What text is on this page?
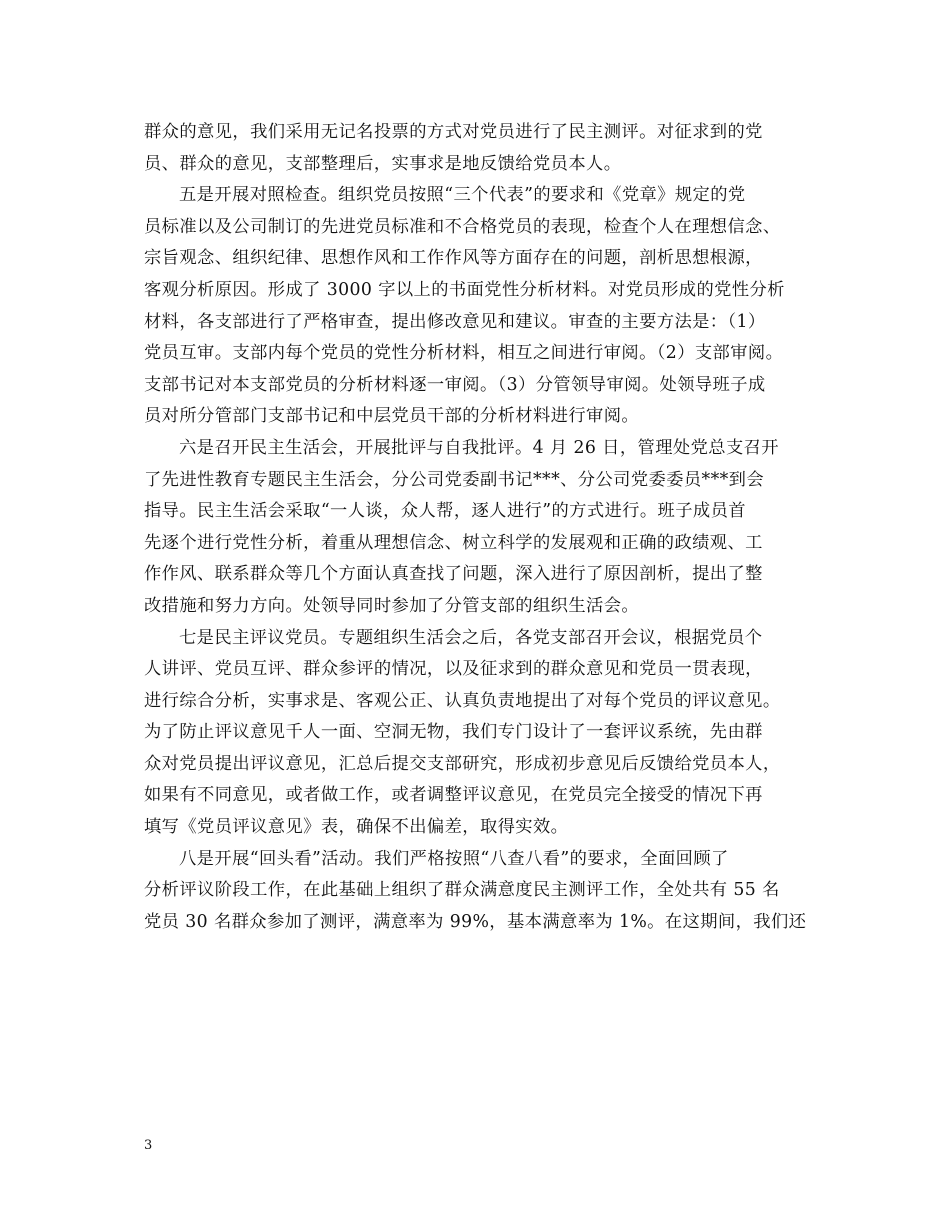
群众的意见，我们采用无记名投票的方式对党员进行了民主测评。对征求到的党
员、群众的意见，支部整理后，实事求是地反馈给党员本人。
五是开展对照检查。组织党员按照“三个代表”的要求和《党章》规定的党
员标准以及公司制订的先进党员标准和不合格党员的表现，检查个人在理想信念、
宗旨观念、组织纪律、思想作风和工作作风等方面存在的问题，剖析思想根源，
客观分析原因。形成了 3000 字以上的书面党性分析材料。对党员形成的党性分析
材料，各支部进行了严格审查，提出修改意见和建议。审查的主要方法是：（1）
党员互审。支部内每个党员的党性分析材料，相互之间进行审阅。（2）支部审阅。
支部书记对本支部党员的分析材料逐一审阅。（3）分管领导审阅。处领导班子成
员对所分管部门支部书记和中层党员干部的分析材料进行审阅。
六是召开民主生活会，开展批评与自我批评。4 月 26 日，管理处党总支召开
了先进性教育专题民主生活会，分公司党委副书记***、分公司党委委员***到会
指导。民主生活会采取“一人谈，众人帮，逐人进行”的方式进行。班子成员首
先逐个进行党性分析，着重从理想信念、树立科学的发展观和正确的政绩观、工
作作风、联系群众等几个方面认真查找了问题，深入进行了原因剖析，提出了整
改措施和努力方向。处领导同时参加了分管支部的组织生活会。
七是民主评议党员。专题组织生活会之后，各党支部召开会议，根据党员个
人讲评、党员互评、群众参评的情况，以及征求到的群众意见和党员一贯表现，
进行综合分析，实事求是、客观公正、认真负责地提出了对每个党员的评议意见。
为了防止评议意见千人一面、空洞无物，我们专门设计了一套评议系统，先由群
众对党员提出评议意见，汇总后提交支部研究，形成初步意见后反馈给党员本人，
如果有不同意见，或者做工作，或者调整评议意见，在党员完全接受的情况下再
填写《党员评议意见》表，确保不出偏差，取得实效。
八是开展“回头看”活动。我们严格按照“八查八看”的要求，全面回顾了
分析评议阶段工作，在此基础上组织了群众满意度民主测评工作，全处共有 55 名
党员 30 名群众参加了测评，满意率为 99%，基本满意率为 1%。在这期间，我们还
3
